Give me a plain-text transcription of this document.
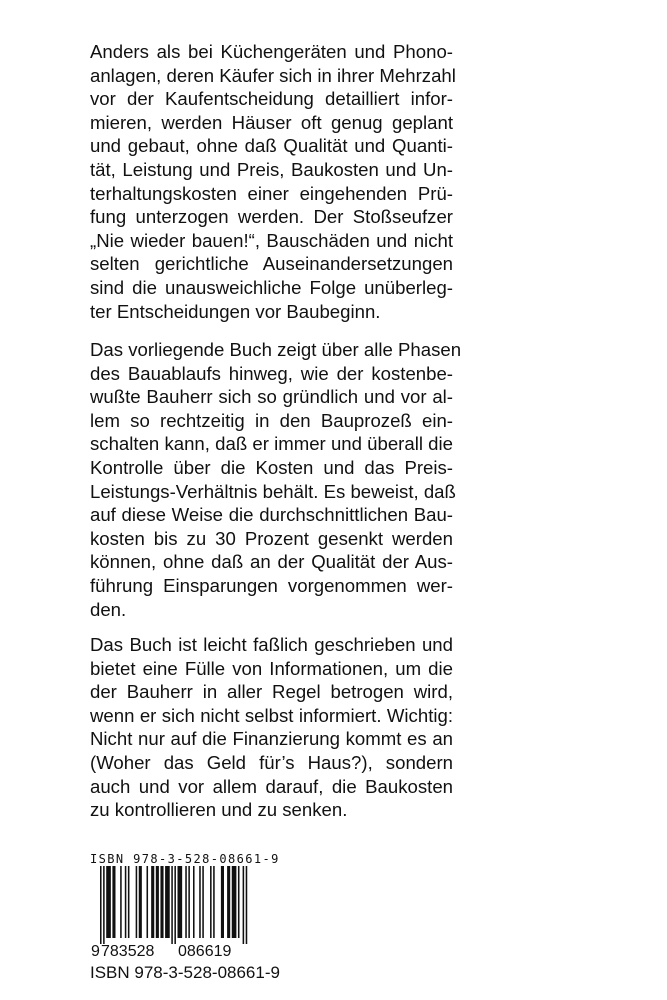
Anders als bei Küchengeräten und Phono-
anlagen, deren Käufer sich in ihrer Mehrzahl
vor der Kaufentscheidung detailliert infor-
mieren, werden Häuser oft genug geplant
und gebaut, ohne daß Qualität und Quanti-
tät, Leistung und Preis, Baukosten und Un-
terhaltungskosten einer eingehenden Prü-
fung unterzogen werden. Der Stoßseufzer
„Nie wieder bauen!“, Bauschäden und nicht
selten gerichtliche Auseinandersetzungen
sind die unausweichliche Folge unüberleg-
ter Entscheidungen vor Baubeginn.
Das vorliegende Buch zeigt über alle Phasen
des Bauablaufs hinweg, wie der kostenbe-
wußte Bauherr sich so gründlich und vor al-
lem so rechtzeitig in den Bauprozeß ein-
schalten kann, daß er immer und überall die
Kontrolle über die Kosten und das Preis-
Leistungs-Verhältnis behält. Es beweist, daß
auf diese Weise die durchschnittlichen Bau-
kosten bis zu 30 Prozent gesenkt werden
können, ohne daß an der Qualität der Aus-
führung Einsparungen vorgenommen wer-
den.
Das Buch ist leicht faßlich geschrieben und
bietet eine Fülle von Informationen, um die
der Bauherr in aller Regel betrogen wird,
wenn er sich nicht selbst informiert. Wichtig:
Nicht nur auf die Finanzierung kommt es an
(Woher das Geld für’s Haus?), sondern
auch und vor allem darauf, die Baukosten
zu kontrollieren und zu senken.
ISBN 978-3-528-08661-9
9 783528 086619
ISBN 978-3-528-08661-9
